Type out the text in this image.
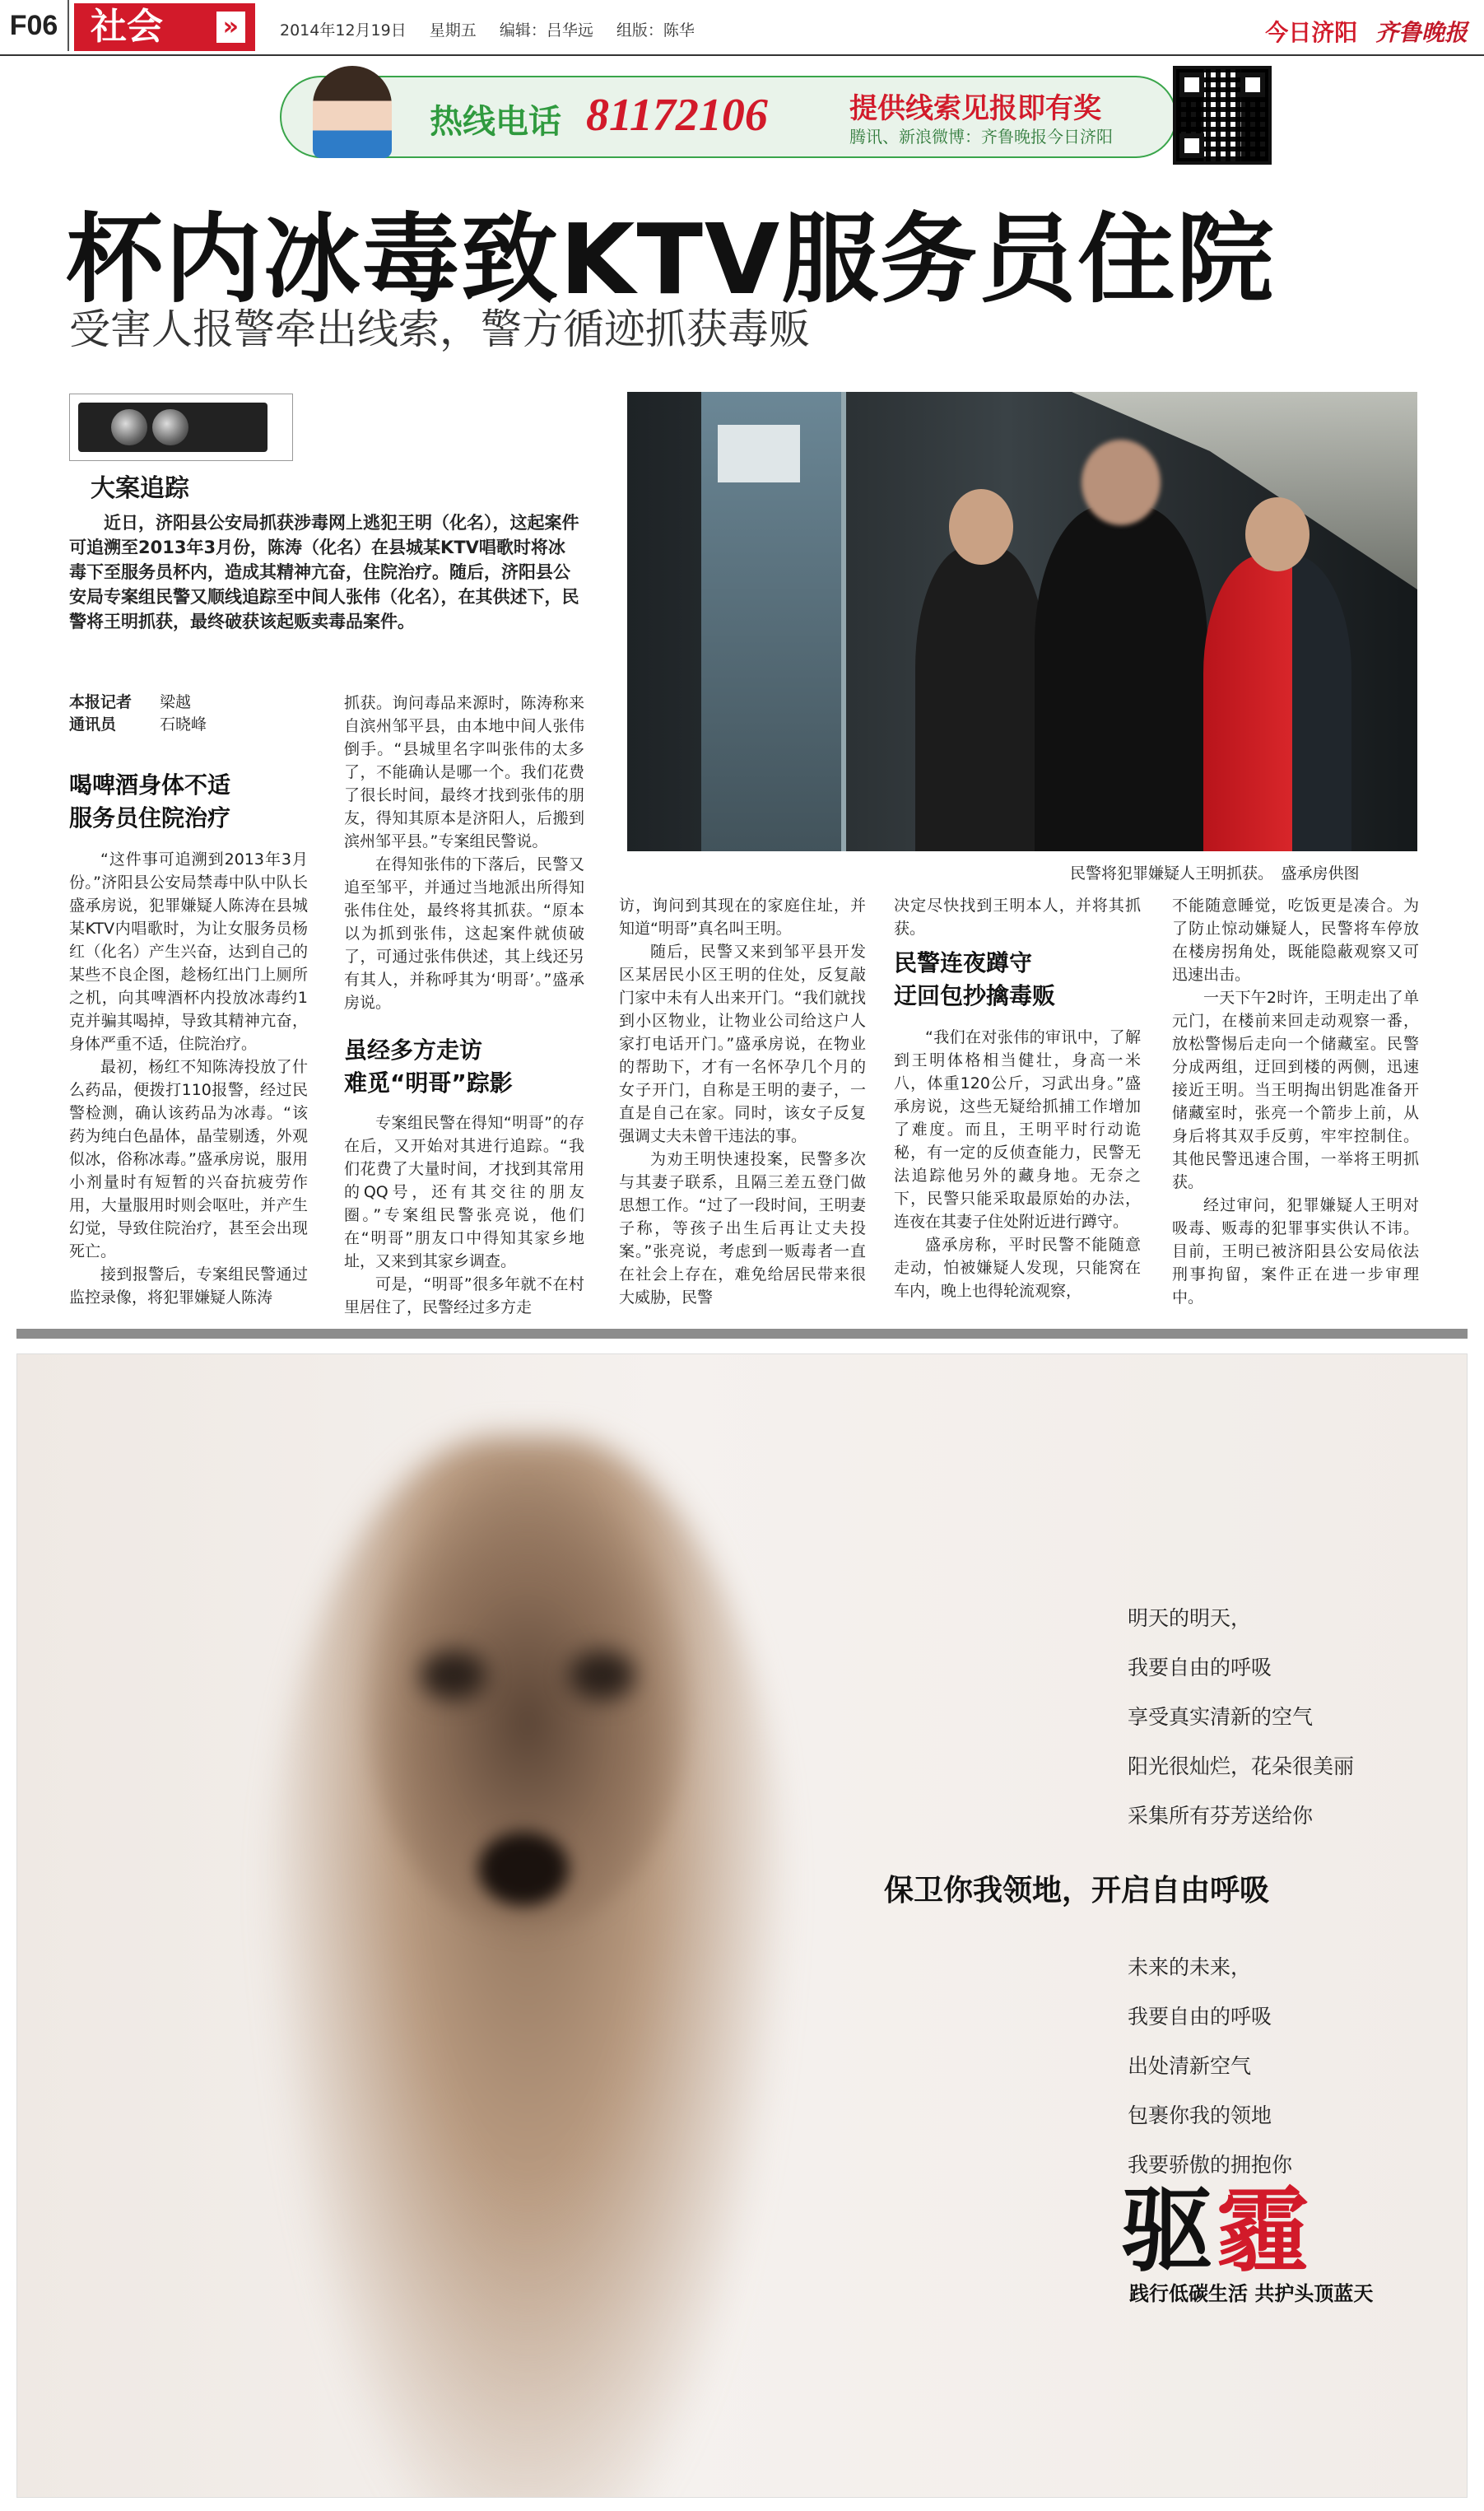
F06 社会 »	2014年12月19日 星期五 编辑：吕华远 组版：陈华	今日济阳 齐鲁晚报
热线电话 81172106	提供线索见报即有奖
腾讯、新浪微博：齐鲁晚报今日济阳
杯内冰毒致KTV服务员住院
受害人报警牵出线索，警方循迹抓获毒贩
大案追踪
近日，济阳县公安局抓获涉毒网上逃犯王明（化名），这起案件可追溯至2013年3月份，陈涛（化名）在县城某KTV唱歌时将冰毒下至服务员杯内，造成其精神亢奋，住院治疗。随后，济阳县公安局专案组民警又顺线追踪至中间人张伟（化名），在其供述下，民警将王明抓获，最终破获该起贩卖毒品案件。
本报记者 梁越
通讯员	石晓峰
喝啤酒身体不适
服务员住院治疗

“这件事可追溯到2013年3月份。”济阳县公安局禁毒中队中队长盛承房说，犯罪嫌疑人陈涛在县城某KTV内唱歌时，为让女服务员杨红（化名）产生兴奋，达到自己的某些不良企图，趁杨红出门上厕所之机，向其啤酒杯内投放冰毒约1克并骗其喝掉，导致其精神亢奋，身体严重不适，住院治疗。

最初，杨红不知陈涛投放了什么药品，便拨打110报警，经过民警检测，确认该药品为冰毒。“该药为纯白色晶体，晶莹剔透，外观似冰，俗称冰毒。”盛承房说，服用小剂量时有短暂的兴奋抗疲劳作用，大量服用时则会呕吐，并产生幻觉，导致住院治疗，甚至会出现死亡。

接到报警后，专案组民警通过监控录像，将犯罪嫌疑人陈涛

抓获。询问毒品来源时，陈涛称来自滨州邹平县，由本地中间人张伟倒手。“县城里名字叫张伟的太多了，不能确认是哪一个。我们花费了很长时间，最终才找到张伟的朋友，得知其原本是济阳人，后搬到滨州邹平县。”专案组民警说。

在得知张伟的下落后，民警又追至邹平，并通过当地派出所得知张伟住处，最终将其抓获。“原本以为抓到张伟，这起案件就侦破了，可通过张伟供述，其上线还另有其人，并称呼其为‘明哥’。”盛承房说。

虽经多方走访
难觅“明哥”踪影

专案组民警在得知“明哥”的存在后，又开始对其进行追踪。“我们花费了大量时间，才找到其常用的QQ号，还有其交往的朋友圈。”专案组民警张亮说，他们在“明哥”朋友口中得知其家乡地址，又来到其家乡调查。

可是，“明哥”很多年就不在村里居住了，民警经过多方走

民警将犯罪嫌疑人王明抓获。　盛承房供图

访，询问到其现在的家庭住址，并知道“明哥”真名叫王明。

随后，民警又来到邹平县开发区某居民小区王明的住处，反复敲门家中未有人出来开门。“我们就找到小区物业，让物业公司给这户人家打电话开门。”盛承房说，在物业的帮助下，才有一名怀孕几个月的女子开门，自称是王明的妻子，一直是自己在家。同时，该女子反复强调丈夫未曾干违法的事。

为劝王明快速投案，民警多次与其妻子联系，且隔三差五登门做思想工作。“过了一段时间，王明妻子称，等孩子出生后再让丈夫投案。”张亮说，考虑到一贩毒者一直在社会上存在，难免给居民带来很大威胁，民警

决定尽快找到王明本人，并将其抓获。

民警连夜蹲守
迂回包抄擒毒贩

“我们在对张伟的审讯中，了解到王明体格相当健壮，身高一米八，体重120公斤，习武出身。”盛承房说，这些无疑给抓捕工作增加了难度。而且，王明平时行动诡秘，有一定的反侦查能力，民警无法追踪他另外的藏身地。无奈之下，民警只能采取最原始的办法，连夜在其妻子住处附近进行蹲守。

盛承房称，平时民警不能随意走动，怕被嫌疑人发现，只能窝在车内，晚上也得轮流观察，

不能随意睡觉，吃饭更是凑合。为了防止惊动嫌疑人，民警将车停放在楼房拐角处，既能隐蔽观察又可迅速出击。

一天下午2时许，王明走出了单元门，在楼前来回走动观察一番，放松警惕后走向一个储藏室。民警分成两组，迂回到楼的两侧，迅速接近王明。当王明掏出钥匙准备开储藏室时，张亮一个箭步上前，从身后将其双手反剪，牢牢控制住。其他民警迅速合围，一举将王明抓获。

经过审问，犯罪嫌疑人王明对吸毒、贩毒的犯罪事实供认不讳。目前，王明已被济阳县公安局依法刑事拘留，案件正在进一步审理中。

明天的明天，
我要自由的呼吸
享受真实清新的空气
阳光很灿烂，花朵很美丽
采集所有芬芳送给你
保卫你我领地，开启自由呼吸
未来的未来，
我要自由的呼吸
出处清新空气
包裹你我的领地
我要骄傲的拥抱你
驱霾
践行低碳生活 共护头顶蓝天
